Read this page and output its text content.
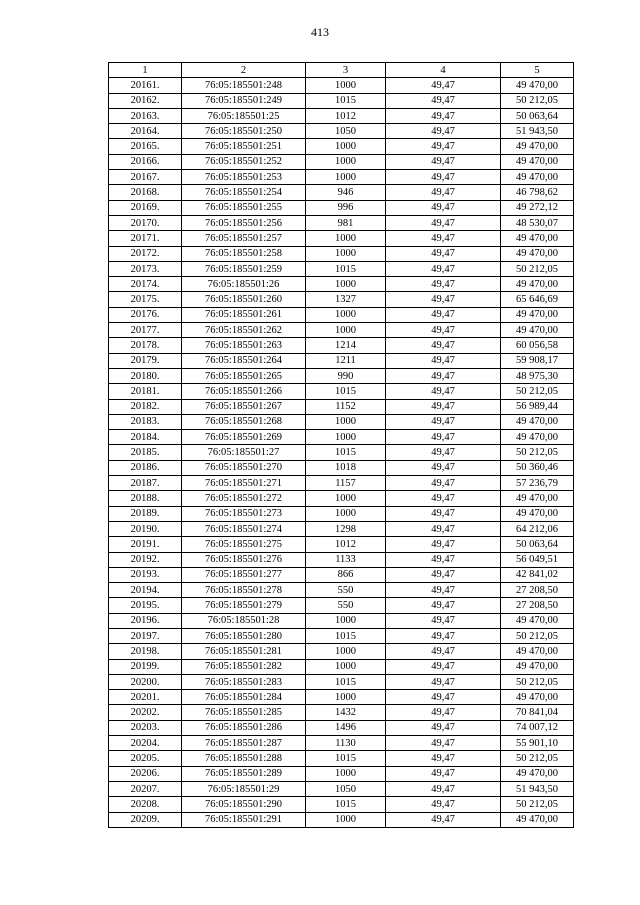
413
1	2	3	4	5
20161.	76:05:185501:248	1000	49,47	49 470,00
20162.	76:05:185501:249	1015	49,47	50 212,05
20163.	76:05:185501:25	1012	49,47	50 063,64
20164.	76:05:185501:250	1050	49,47	51 943,50
20165.	76:05:185501:251	1000	49,47	49 470,00
20166.	76:05:185501:252	1000	49,47	49 470,00
20167.	76:05:185501:253	1000	49,47	49 470,00
20168.	76:05:185501:254	946	49,47	46 798,62
20169.	76:05:185501:255	996	49,47	49 272,12
20170.	76:05:185501:256	981	49,47	48 530,07
20171.	76:05:185501:257	1000	49,47	49 470,00
20172.	76:05:185501:258	1000	49,47	49 470,00
20173.	76:05:185501:259	1015	49,47	50 212,05
20174.	76:05:185501:26	1000	49,47	49 470,00
20175.	76:05:185501:260	1327	49,47	65 646,69
20176.	76:05:185501:261	1000	49,47	49 470,00
20177.	76:05:185501:262	1000	49,47	49 470,00
20178.	76:05:185501:263	1214	49,47	60 056,58
20179.	76:05:185501:264	1211	49,47	59 908,17
20180.	76:05:185501:265	990	49,47	48 975,30
20181.	76:05:185501:266	1015	49,47	50 212,05
20182.	76:05:185501:267	1152	49,47	56 989,44
20183.	76:05:185501:268	1000	49,47	49 470,00
20184.	76:05:185501:269	1000	49,47	49 470,00
20185.	76:05:185501:27	1015	49,47	50 212,05
20186.	76:05:185501:270	1018	49,47	50 360,46
20187.	76:05:185501:271	1157	49,47	57 236,79
20188.	76:05:185501:272	1000	49,47	49 470,00
20189.	76:05:185501:273	1000	49,47	49 470,00
20190.	76:05:185501:274	1298	49,47	64 212,06
20191.	76:05:185501:275	1012	49,47	50 063,64
20192.	76:05:185501:276	1133	49,47	56 049,51
20193.	76:05:185501:277	866	49,47	42 841,02
20194.	76:05:185501:278	550	49,47	27 208,50
20195.	76:05:185501:279	550	49,47	27 208,50
20196.	76:05:185501:28	1000	49,47	49 470,00
20197.	76:05:185501:280	1015	49,47	50 212,05
20198.	76:05:185501:281	1000	49,47	49 470,00
20199.	76:05:185501:282	1000	49,47	49 470,00
20200.	76:05:185501:283	1015	49,47	50 212,05
20201.	76:05:185501:284	1000	49,47	49 470,00
20202.	76:05:185501:285	1432	49,47	70 841,04
20203.	76:05:185501:286	1496	49,47	74 007,12
20204.	76:05:185501:287	1130	49,47	55 901,10
20205.	76:05:185501:288	1015	49,47	50 212,05
20206.	76:05:185501:289	1000	49,47	49 470,00
20207.	76:05:185501:29	1050	49,47	51 943,50
20208.	76:05:185501:290	1015	49,47	50 212,05
20209.	76:05:185501:291	1000	49,47	49 470,00
